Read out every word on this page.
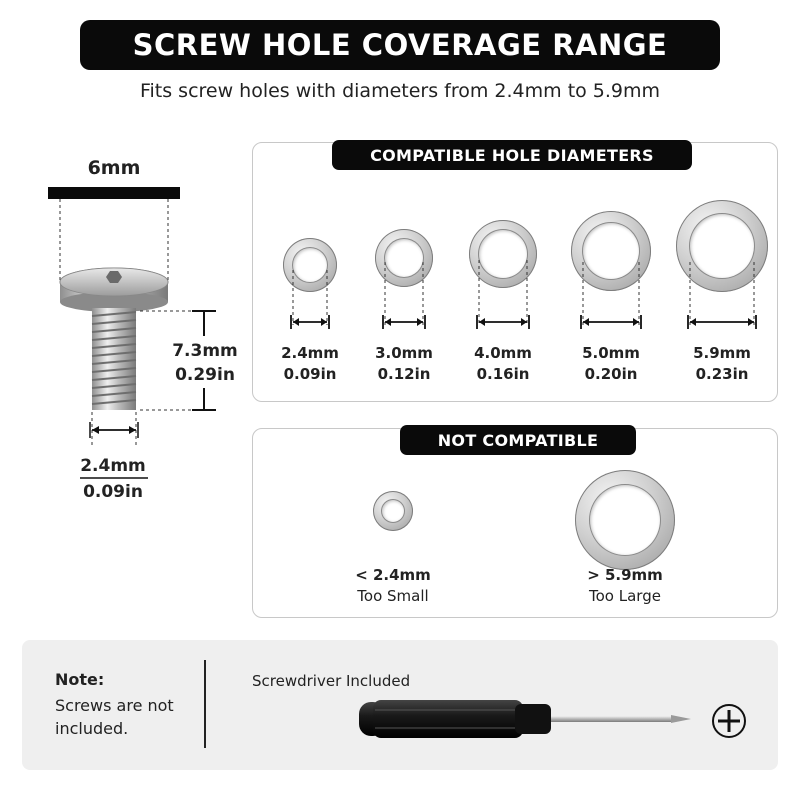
SCREW HOLE COVERAGE RANGE
Fits screw holes with diameters from 2.4mm to 5.9mm
6mm
7.3mm
0.29in
2.4mm
0.09in
COMPATIBLE HOLE DIAMETERS
2.4mm
0.09in
3.0mm
0.12in
4.0mm
0.16in
5.0mm
0.20in
5.9mm
0.23in
NOT COMPATIBLE
< 2.4mm
Too Small
> 5.9mm
Too Large
Note:
Screws are not included.
Screwdriver Included
